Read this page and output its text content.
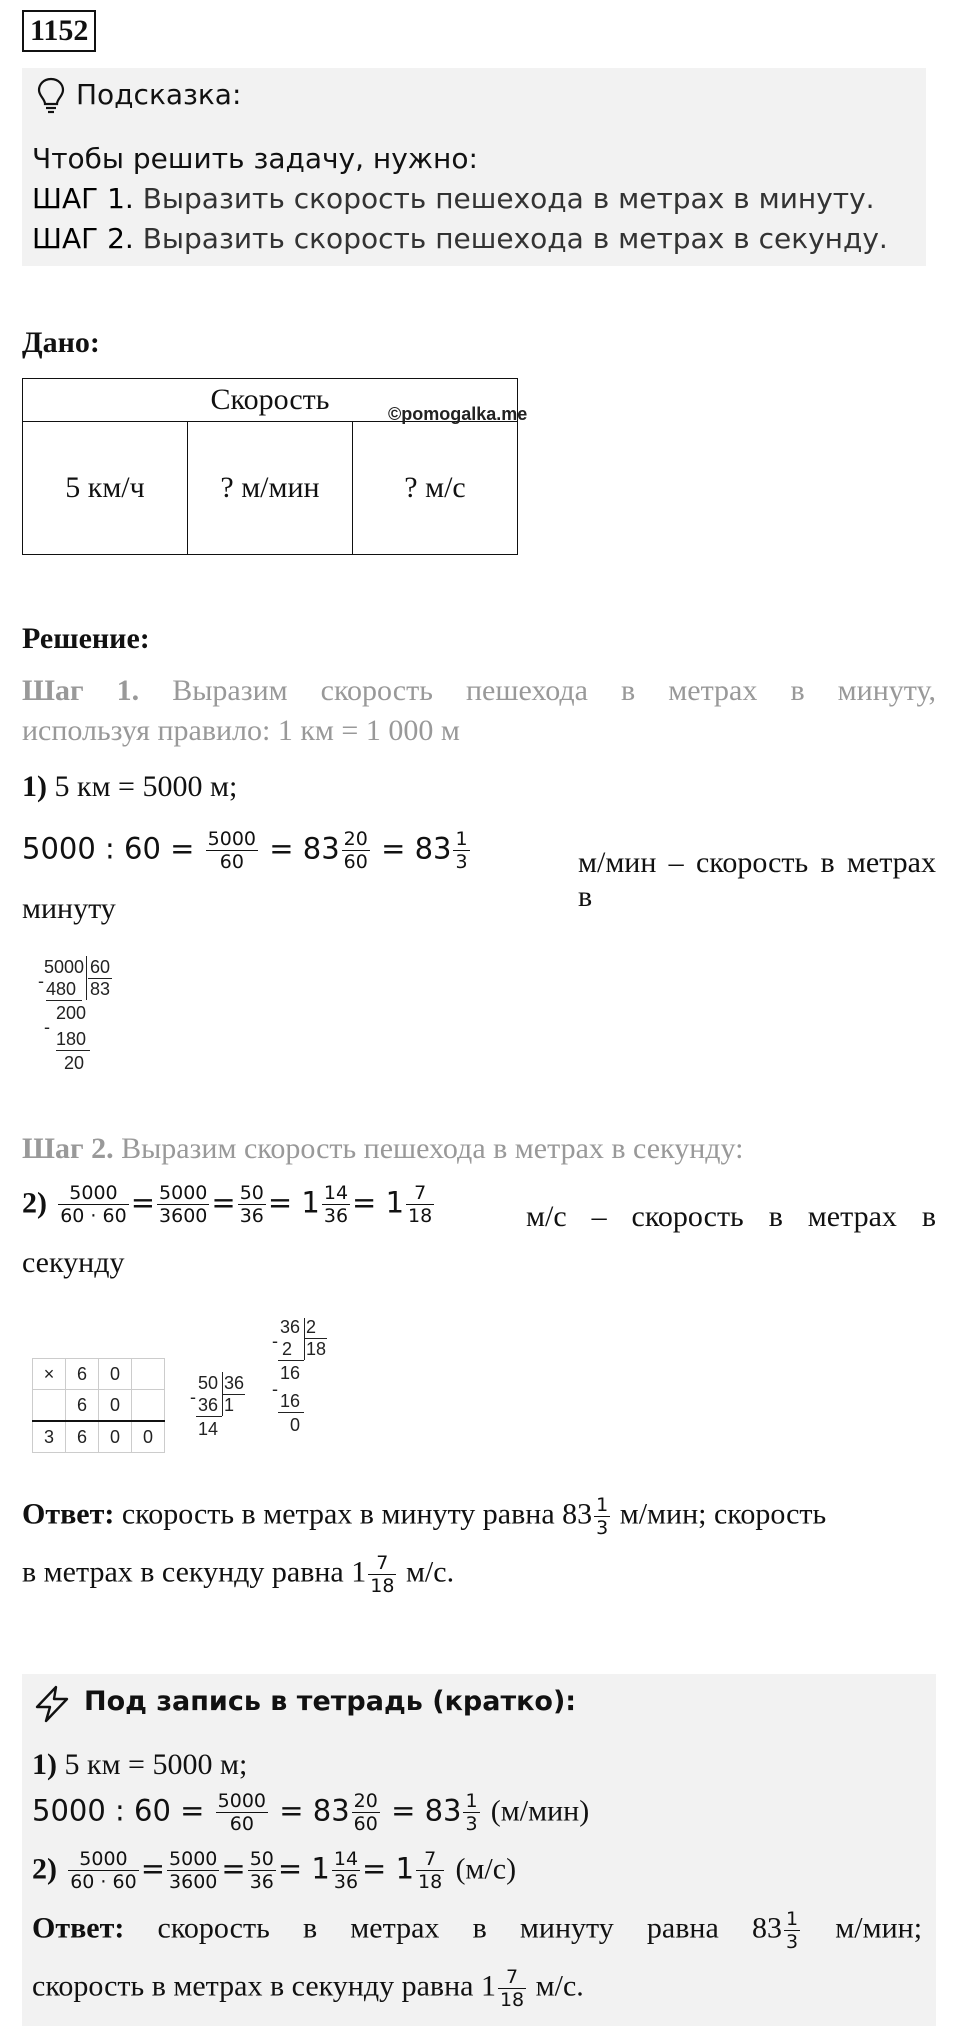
1152
Подсказка:
Чтобы решить задачу, нужно:
ШАГ 1. Выразить скорость пешехода в метрах в минуту.
ШАГ 2. Выразить скорость пешехода в метрах в секунду.
Дано:
Скорость
5 км/ч	? м/мин	? м/с
©pomogalka.me
Решение:
Шаг 1. Выразим скорость пешехода в метрах в минуту,
используя правило: 1 км = 1 000 м
1) 5 км = 5000 м;
5000 : $60 = \frac{5000}{60} = 83 \frac{20}{60} = 83 \frac{1}{3}$	м/мин – скорость в метрах в
минуту
5000 60
- 480 83
200
-
180
20
Шаг 2. Выразим скорость пешехода в метрах в секунду:
$2) \frac{5000}{60 \cdot 60} = \frac{5000}{3600} = \frac{50}{36} = 1 \frac{14}{36} = 1 \frac{7}{18}$	м/с – скорость в метрах в
секунду
×	6	0	
	6	0	
3	6	0	0
50 36
- 36 1
14
36 2
- 2 18
16
-
16
0
Ответ: скорость в метрах в минуту равна $83 \frac{1}{3} м/мин$; скорость
в метрах в секунду равна $1 \frac{7}{18} м/с$.
Под запись в тетрадь (кратко):
1) 5 км = 5000 м;
5000 : $60 = \frac{5000}{60} = 83 \frac{20}{60} = 83 \frac{1}{3} (м/мин)$
$2) \frac{5000}{60 \cdot 60} = \frac{5000}{3600} = \frac{50}{36} = 1 \frac{14}{36} = 1 \frac{7}{18} (м/с)$
Ответ: скорость в метрах в минуту равна $83 \frac{1}{3} м/мин$;
скорость в метрах в секунду равна $1 \frac{7}{18} м/с$.
